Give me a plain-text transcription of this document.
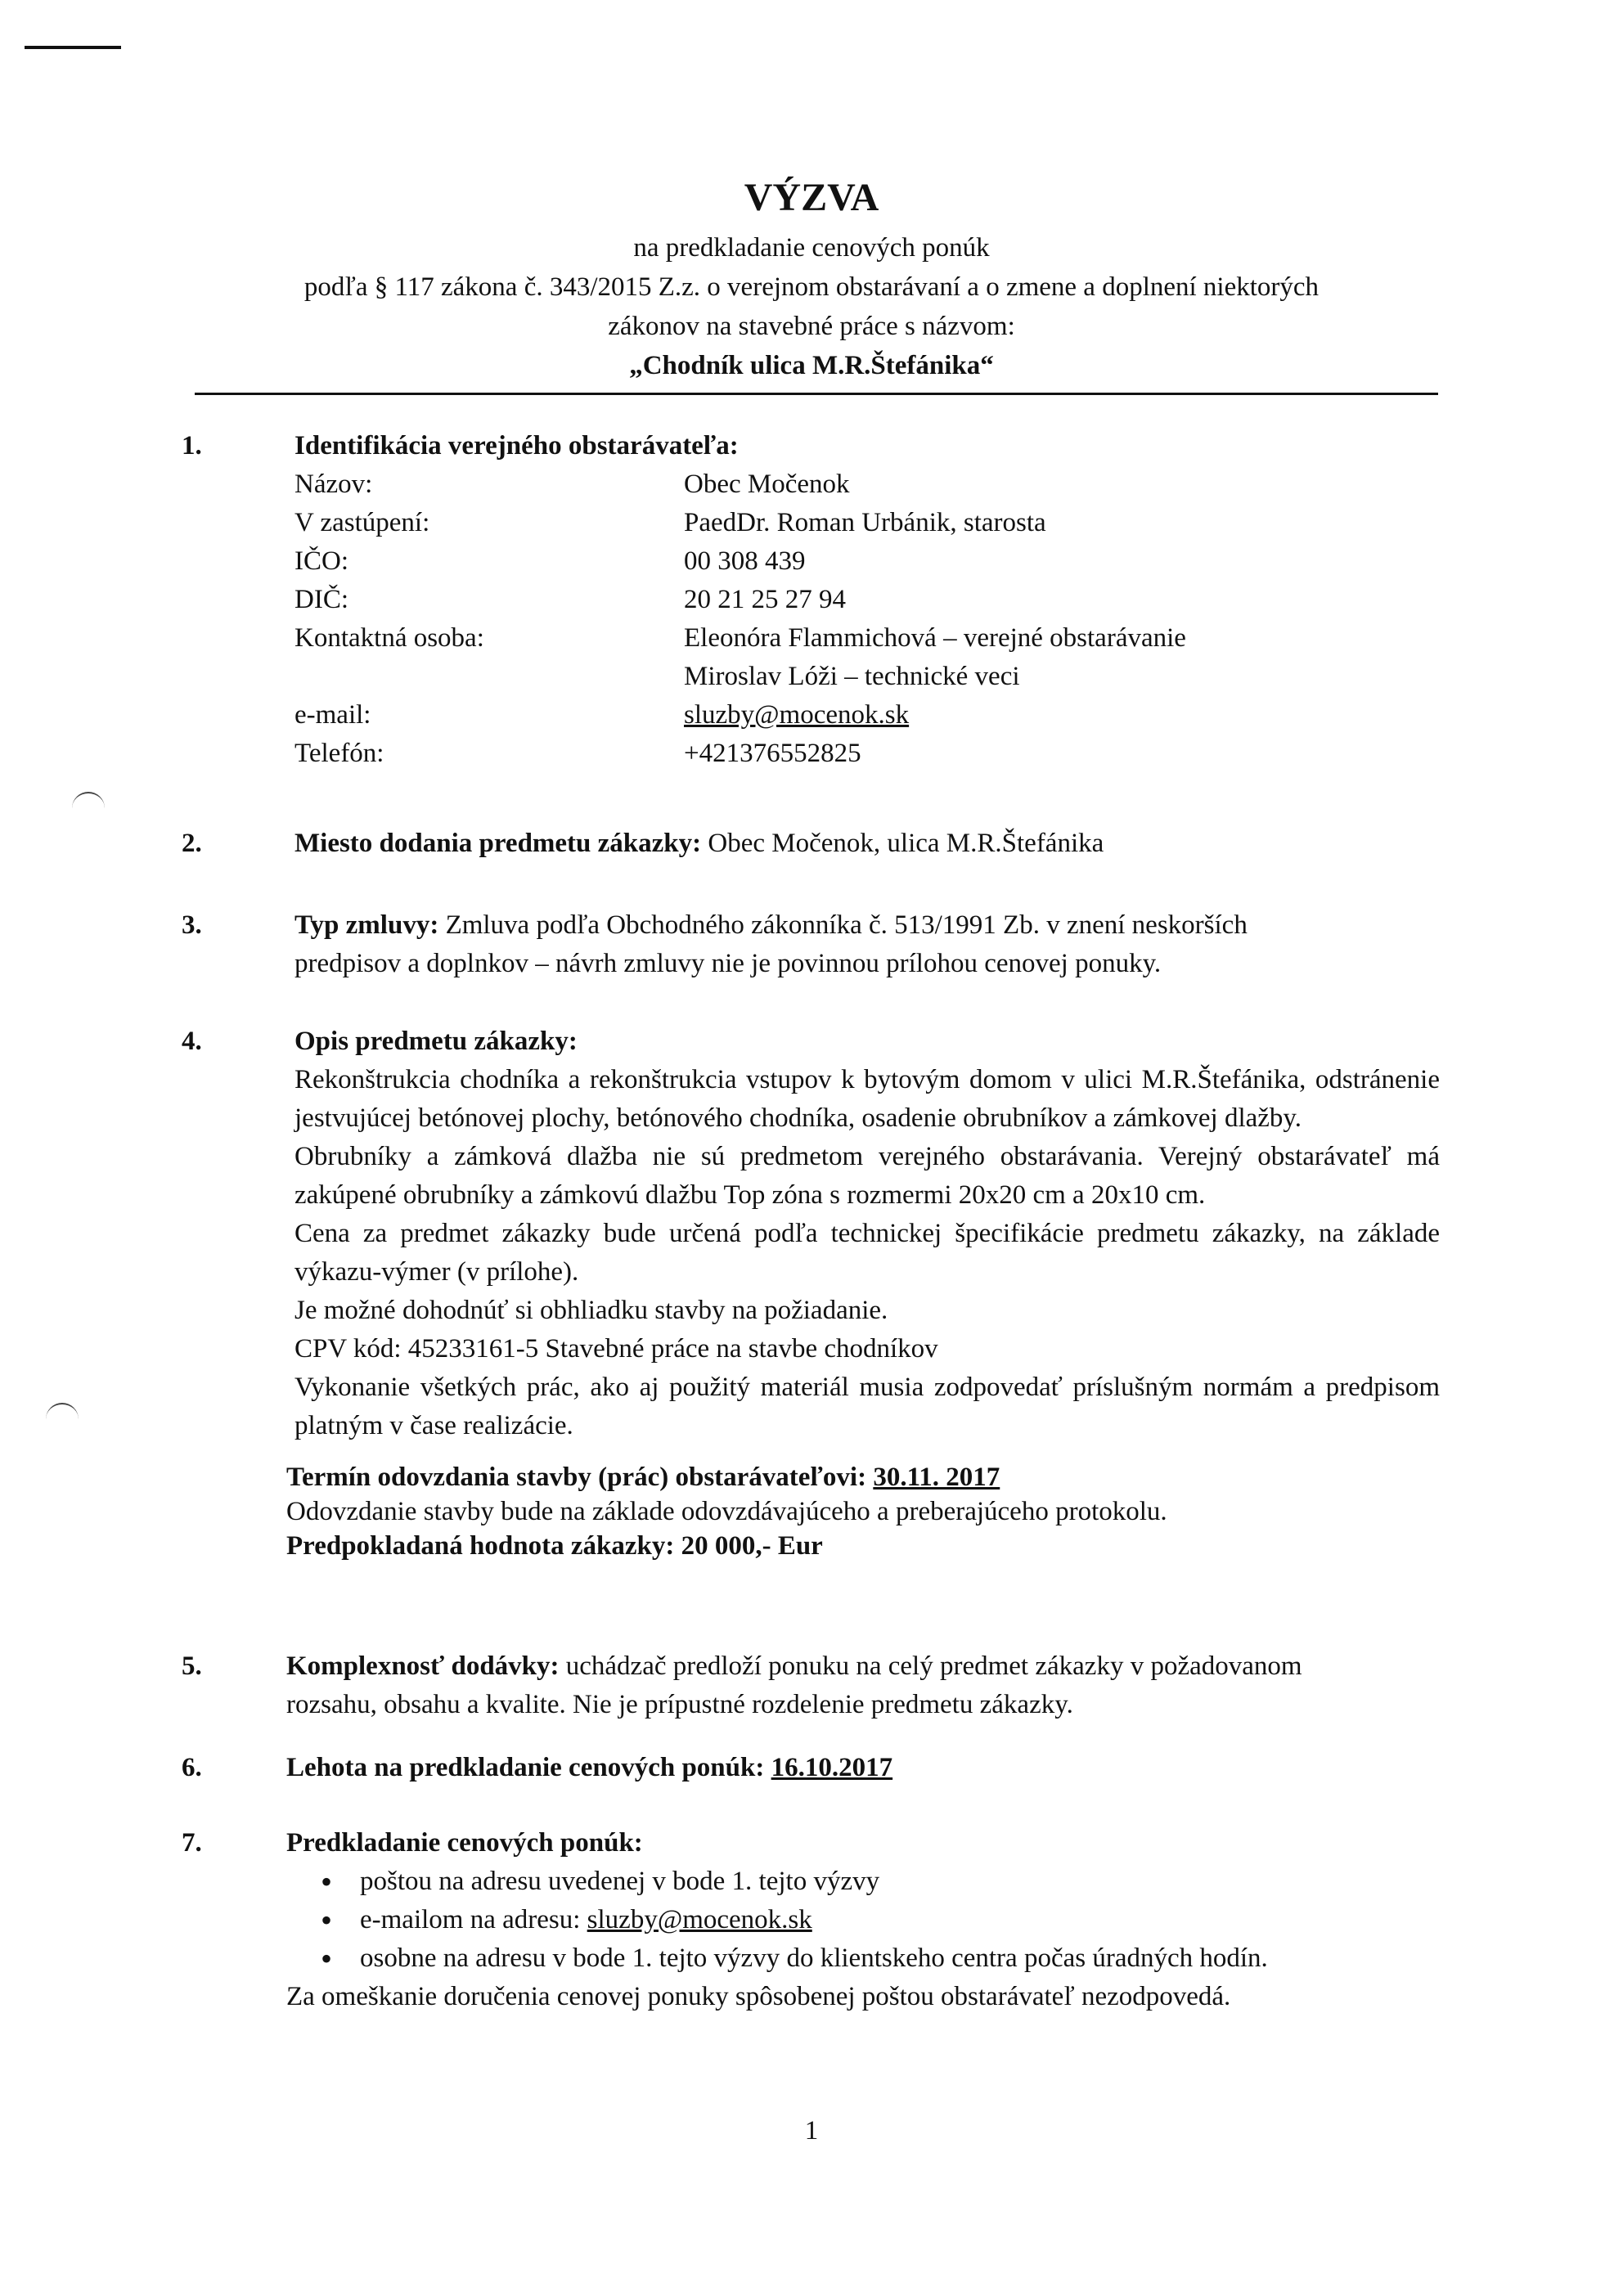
VÝZVA
na predkladanie cenových ponúk
podľa § 117 zákona č. 343/2015 Z.z. o verejnom obstarávaní a o zmene a doplnení niektorých
zákonov na stavebné práce s názvom:
„Chodník ulica M.R.Štefánika“
1.	Identifikácia verejného obstarávateľa:
Názov:	Obec Močenok
V zastúpení:	PaedDr. Roman Urbánik, starosta
IČO:	00 308 439
DIČ:	20 21 25 27 94
Kontaktná osoba:	Eleonóra Flammichová – verejné obstarávanie
Miroslav Lóži – technické veci
e-mail:	sluzby@mocenok.sk
Telefón:	+421376552825
2.	Miesto dodania predmetu zákazky: Obec Močenok, ulica M.R.Štefánika
3.	Typ zmluvy: Zmluva podľa Obchodného zákonníka č. 513/1991 Zb. v znení neskorších
predpisov a doplnkov – návrh zmluvy nie je povinnou prílohou cenovej ponuky.
4.	Opis predmetu zákazky:
Rekonštrukcia chodníka a rekonštrukcia vstupov k bytovým domom v ulici M.R.Štefánika, odstránenie jestvujúcej betónovej plochy, betónového chodníka, osadenie obrubníkov a zámkovej dlažby.
Obrubníky a zámková dlažba nie sú predmetom verejného obstarávania. Verejný obstarávateľ má zakúpené obrubníky a zámkovú dlažbu Top zóna s rozmermi 20x20 cm a 20x10 cm.
Cena za predmet zákazky bude určená podľa technickej špecifikácie predmetu zákazky, na základe výkazu-výmer (v prílohe).
Je možné dohodnúť si obhliadku stavby na požiadanie.
CPV kód: 45233161-5 Stavebné práce na stavbe chodníkov
Vykonanie všetkých prác, ako aj použitý materiál musia zodpovedať príslušným normám a predpisom platným v čase realizácie.
Termín odovzdania stavby (prác) obstarávateľovi: 30.11. 2017
Odovzdanie stavby bude na základe odovzdávajúceho a preberajúceho protokolu.
Predpokladaná hodnota zákazky: 20 000,- Eur
5.	Komplexnosť dodávky: uchádzač predloží ponuku na celý predmet zákazky v požadovanom
rozsahu, obsahu a kvalite. Nie je prípustné rozdelenie predmetu zákazky.
6.	Lehota na predkladanie cenových ponúk: 16.10.2017
7.	Predkladanie cenových ponúk:
• poštou na adresu uvedenej v bode 1. tejto výzvy
• e-mailom na adresu: sluzby@mocenok.sk
• osobne na adresu v bode 1. tejto výzvy do klientskeho centra počas úradných hodín.
Za omeškanie doručenia cenovej ponuky spôsobenej poštou obstarávateľ nezodpovedá.
1
